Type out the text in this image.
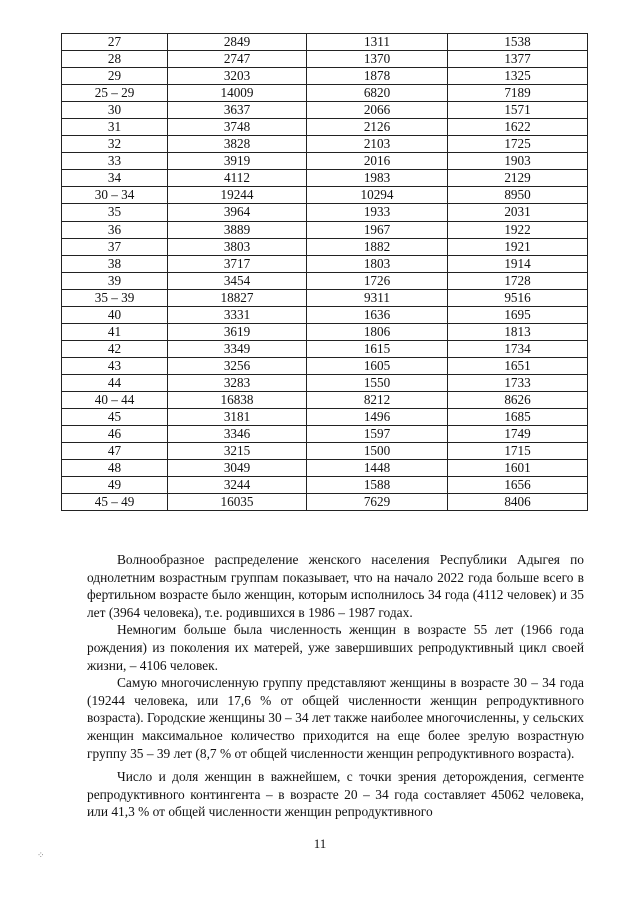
27	2849	1311	1538
28	2747	1370	1377
29	3203	1878	1325
25 – 29	14009	6820	7189
30	3637	2066	1571
31	3748	2126	1622
32	3828	2103	1725
33	3919	2016	1903
34	4112	1983	2129
30 – 34	19244	10294	8950
35	3964	1933	2031
36	3889	1967	1922
37	3803	1882	1921
38	3717	1803	1914
39	3454	1726	1728
35 – 39	18827	9311	9516
40	3331	1636	1695
41	3619	1806	1813
42	3349	1615	1734
43	3256	1605	1651
44	3283	1550	1733
40 – 44	16838	8212	8626
45	3181	1496	1685
46	3346	1597	1749
47	3215	1500	1715
48	3049	1448	1601
49	3244	1588	1656
45 – 49	16035	7629	8406

Волнообразное распределение женского населения Республики Адыгея по однолетним возрастным группам показывает, что на начало 2022 года больше всего в фертильном возрасте было женщин, которым исполнилось 34 года (4112 человек) и 35 лет (3964 человека), т.е. родившихся в 1986 – 1987 годах.

Немногим больше была численность женщин в возрасте 55 лет (1966 года рождения) из поколения их матерей, уже завершивших репродуктивный цикл своей жизни, – 4106 человек.

Самую многочисленную группу представляют женщины в возрасте 30 – 34 года (19244 человека, или 17,6 % от общей численности женщин репродуктивного возраста). Городские женщины 30 – 34 лет также наиболее многочисленны, у сельских женщин максимальное количество приходится на еще более зрелую возрастную группу 35 – 39 лет (8,7 % от общей численности женщин репродуктивного возраста).

Число и доля женщин в важнейшем, с точки зрения деторождения, сегменте репродуктивного контингента – в возрасте 20 – 34 года составляет 45062 человека, или 41,3 % от общей численности женщин репродуктивного

11
⁘
